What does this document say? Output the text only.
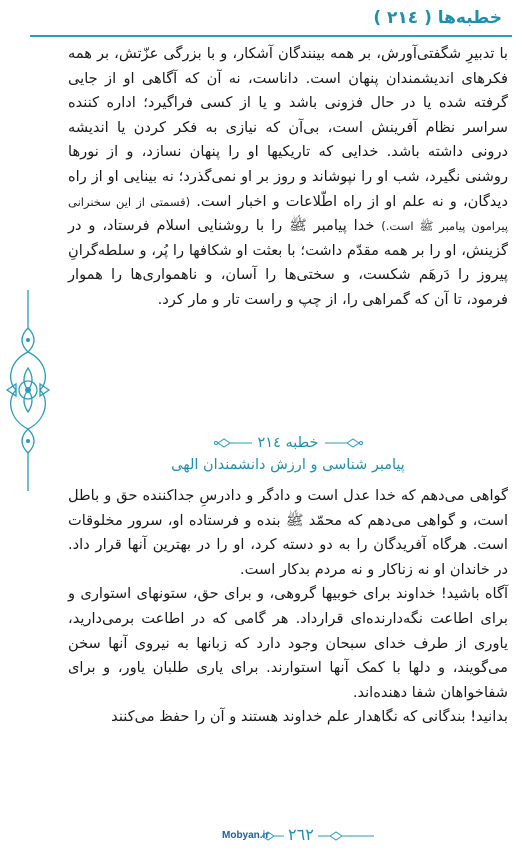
خطبه‌ها ( ٢١٤ )

با تدبیرِ شگفتی‌آورش، بر همه بینندگان آشکار، و با بزرگی عزّتش، بر همه فکرهای اندیشمندان پنهان است. داناست، نه آن که آگاهی او از جایی گرفته شده یا در حال فزونی باشد و یا از کسی فراگیرد؛ اداره کننده سراسر نظام آفرینش است، بی‌آن که نیازی به فکر کردن یا اندیشه درونی داشته باشد. خدایی که تاریکیها او را پنهان نسازد، و از نورها روشنی نگیرد، شب او را نپوشاند و روز بر او نمی‌گذرد؛ نه بینایی او از راه دیدگان، و نه علم او از راه اطّلاعات و اخبار است. (قسمتی از این سخنرانی پیرامون پیامبر ﷺ است.) خدا پیامبر ﷺ را با روشنایی اسلام فرستاد، و در گزینش، او را بر همه مقدّم داشت؛ با بعثت او شکافها را پُر، و سلطه‌گرانِ پیروز را دَرهَم شکست، و سختی‌ها را آسان، و ناهمواری‌ها را هموار فرمود، تا آن که گمراهی را، از چپ و راست تار و مار کرد.

خطبه ٢١٤
پیامبر شناسی و ارزش دانشمندان الهی

گواهی می‌دهم که خدا عدل است و دادگر و دادرسِ جداکننده حق و باطل است، و گواهی می‌دهم که محمّد ﷺ بنده و فرستاده او، سرور مخلوقات است. هرگاه آفریدگان را به دو دسته کرد، او را در بهترین آنها قرار داد. در خاندان او نه زناکار و نه مردم بدکار است.

آگاه باشید! خداوند برای خوبیها گروهی، و برای حق، ستونهای استواری و برای اطاعت نگه‌دارنده‌ای قرارداد. هر گامی که در اطاعت برمی‌دارید، یاوری از طرف خدای سبحان وجود دارد که زبانها به نیروی آنها سخن می‌گویند، و دلها با کمک آنها استوارند. برای یاری طلبان یاور، و برای شفاخواهان شفا دهنده‌اند.

بدانید! بندگانی که نگاهدار علم خداوند هستند و آن را حفظ می‌کنند

Mobyan.ir ٢٦٢
